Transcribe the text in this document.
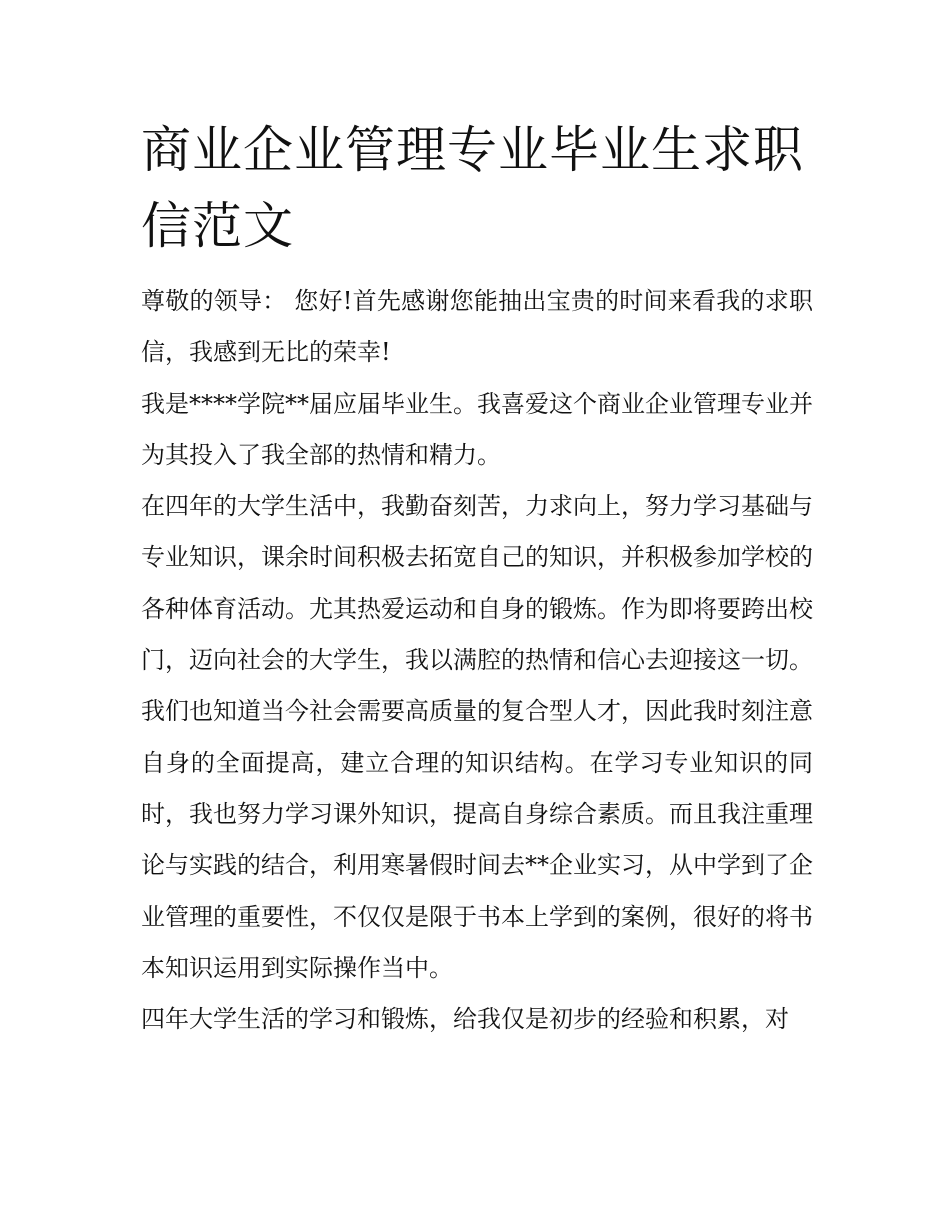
商业企业管理专业毕业生求职信范文

尊敬的领导： 您好!首先感谢您能抽出宝贵的时间来看我的求职信，我感到无比的荣幸!

我是****学院**届应届毕业生。我喜爱这个商业企业管理专业并为其投入了我全部的热情和精力。

在四年的大学生活中，我勤奋刻苦，力求向上，努力学习基础与专业知识，课余时间积极去拓宽自己的知识，并积极参加学校的各种体育活动。尤其热爱运动和自身的锻炼。作为即将要跨出校门，迈向社会的大学生，我以满腔的热情和信心去迎接这一切。

我们也知道当今社会需要高质量的复合型人才，因此我时刻注意自身的全面提高，建立合理的知识结构。在学习专业知识的同时，我也努力学习课外知识，提高自身综合素质。而且我注重理论与实践的结合，利用寒暑假时间去**企业实习，从中学到了企业管理的重要性，不仅仅是限于书本上学到的案例，很好的将书本知识运用到实际操作当中。

四年大学生活的学习和锻炼，给我仅是初步的经验和积累，对
